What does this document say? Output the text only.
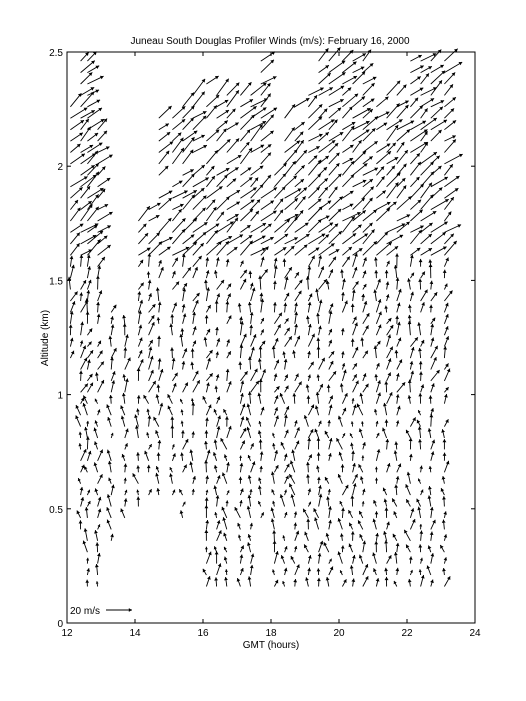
Juneau South Douglas Profiler Winds (m/s): February 16, 2000
12	14	16	18	20	22	24
0
0.5
1
1.5
2
2.5
GMT (hours)
Altitude (km)
20 m/s
